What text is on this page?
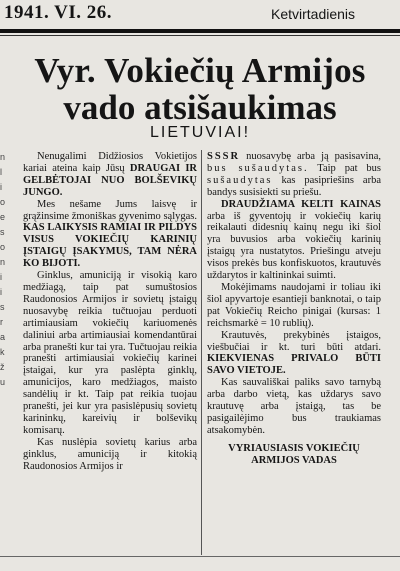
1941. VI. 26.	Ketvirtadienis
Vyr. Vokiečių Armijos
vado atsišaukimas
LIETUVIAI!
n
l
i
o
e
s
o
n
i
i
s
r
a
k
ž
u

Nenugalimi Didžiosios Vokietijos kariai ateina kaip Jūsų DRAUGAI IR GELBĖTOJAI NUO BOLŠEVIKŲ JUNGO.

Mes nešame Jums laisvę ir grąžinsime žmoniškas gyvenimo sąlygas. KAS LAIKYSIS RAMIAI IR PILDYS VISUS VOKIEČIŲ KARINIŲ ĮSTAIGŲ ĮSAKYMUS, TAM NĖRA KO BIJOTI.

Ginklus, amuniciją ir visokią karo medžiagą, taip pat sumuštosios Raudonosios Armijos ir sovietų įstaigų nuosavybę reikia tučtuojau perduoti artimiausiam vokiečių kariuomenės daliniui arba artimiausiai komendantūrai arba pranešti kur tai yra. Tučtuojau reikia pranešti artimiausiai vokiečių karinei įstaigai, kur yra paslėpta ginklų, amunicijos, karo medžiagos, maisto sandėlių ir kt. Taip pat reikia tuojau pranešti, jei kur yra pasislėpusių sovietų karininkų, kareivių ir bolševikų komisarų.

Kas nuslėpia sovietų karius arba ginklus, amuniciją ir kitokią Raudonosios Armijos ir

SSSR nuosavybę arba ją pasisavina, bus sušaudytas. Taip pat bus sušaudytas kas pasipriešins arba bandys susisiekti su priešu.

DRAUDŽIAMA KELTI KAINAS arba iš gyventojų ir vokiečių karių reikalauti didesnių kainų negu iki šiol yra buvusios arba vokiečių karinių įstaigų yra nustatytos. Priešingu atveju visos prekės bus konfiskuotos, krautuvės uždarytos ir kaltininkai suimti.

Mokėjimams naudojami ir toliau iki šiol apyvartoje esantieji banknotai, o taip pat Vokiečių Reicho pinigai (kursas: 1 reichsmarkė = 10 rublių).

Krautuvės, prekybinės įstaigos, viešbučiai ir kt. turi būti atdari. KIEKVIENAS PRIVALO BŪTI SAVO VIETOJE.

Kas sauvališkai paliks savo tarnybą arba darbo vietą, kas uždarys savo krautuvę arba įstaigą, tas be pasigailėjimo bus traukiamas atsakomybėn.

VYRIAUSIASIS VOKIEČIŲ ARMIJOS VADAS
